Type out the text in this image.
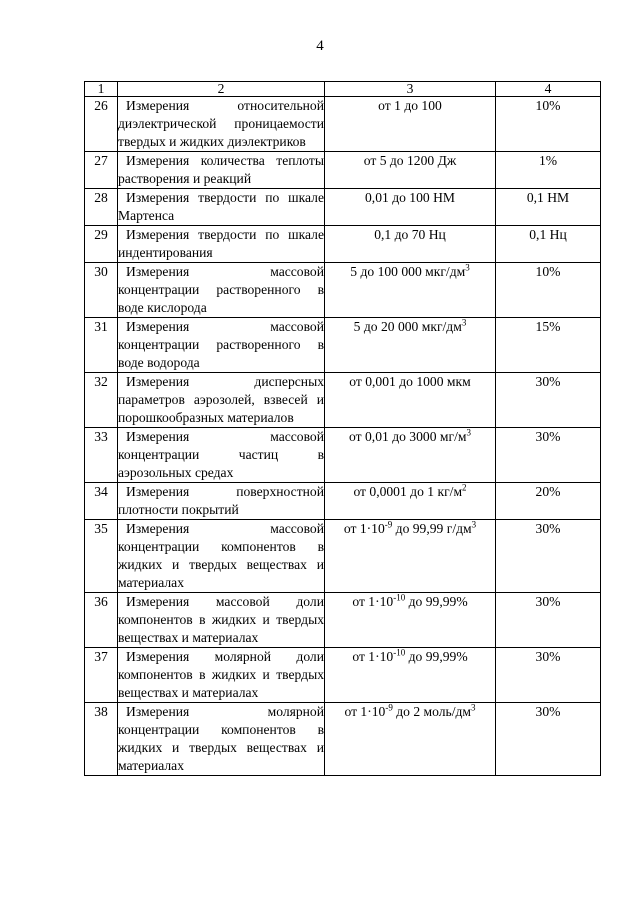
4
1	2	3	4
26	Измерения относительной диэлектрической проницаемости твердых и жидких диэлектриков	от 1 до 100	10%
27	Измерения количества теплоты растворения и реакций	от 5 до 1200 Дж	1%
28	Измерения твердости по шкале Мартенса	0,01 до 100 НМ	0,1 НМ
29	Измерения твердости по шкале индентирования	0,1 до 70 Нц	0,1 Нц
30	Измерения массовой концентрации растворенного в воде кислорода	5 до 100 000 мкг/$дм^3$	10%
31	Измерения массовой концентрации растворенного в воде водорода	5 до 20 000 мкг/$дм^3$	15%
32	Измерения дисперсных параметров аэрозолей, взвесей и порошкообразных материалов	от 0,001 до 1000 мкм	30%
33	Измерения массовой концентрации частиц в аэрозольных средах	от 0,01 до 3000 $мг/м^3$	30%
34	Измерения поверхностной плотности покрытий	от 0,0001 до 1 $кг/м^2$	20%
35	Измерения массовой концентрации компонентов в жидких и твердых веществах и материалах	от $1\cdot 10^{-9}$ до 99,99 $г/дм^3$	30%
36	Измерения массовой доли компонентов в жидких и твердых веществах и материалах	от $1\cdot 10^{-10}$ до 99,99%	30%
37	Измерения молярной доли компонентов в жидких и твердых веществах и материалах	от $1\cdot 10^{-10}$ до 99,99%	30%
38	Измерения молярной концентрации компонентов в жидких и твердых веществах и материалах	от $1\cdot 10^{-9}$ до 2 моль/$дм^3$	30%
